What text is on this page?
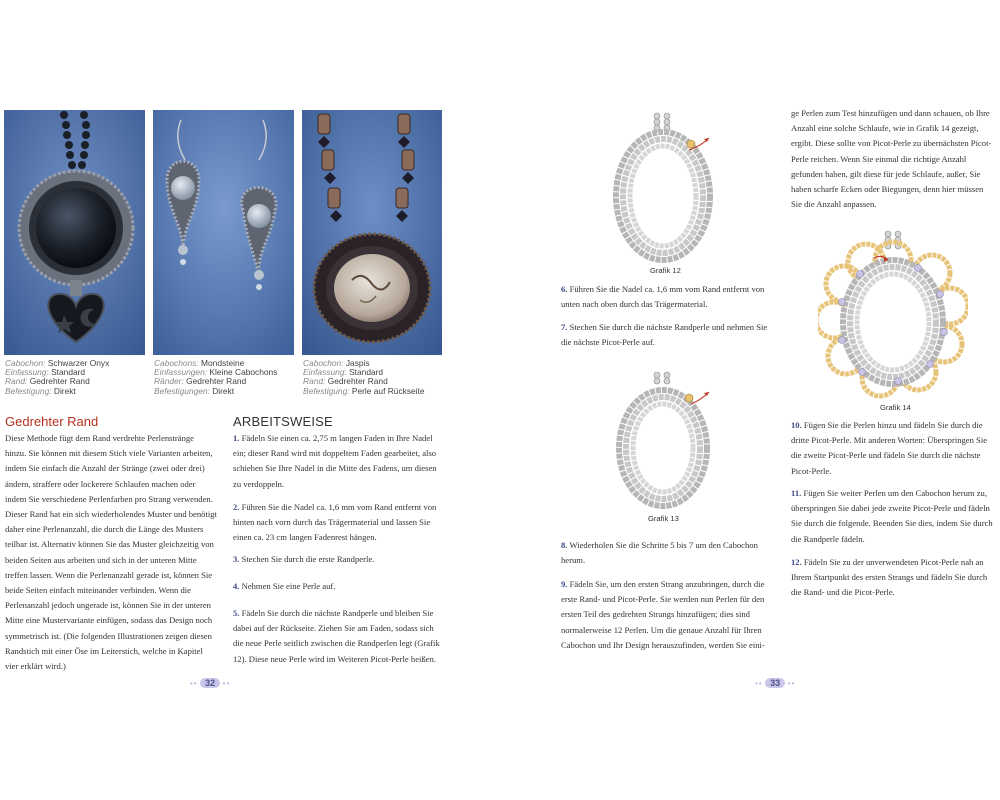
Cabochon: Schwarzer Onyx
Einfassung: Standard
Rand: Gedrehter Rand
Befestigung: Direkt
Cabochons: Mondsteine
Einfassungen: Kleine Cabochons
Ränder: Gedrehter Rand
Befestigungen: Direkt
Cabochon: Jaspis
Einfassung: Standard
Rand: Gedrehter Rand
Befestigung: Perle auf Rückseite
Gedrehter Rand
Diese Methode fügt dem Rand verdrehte Perlenstränge hinzu. Sie können mit diesem Stich viele Varianten arbeiten, indem Sie einfach die Anzahl der Stränge (zwei oder drei) ändern, straffere oder lockerere Schlaufen machen oder indem Sie verschiedene Perlenfarben pro Strang verwenden. Dieser Rand hat ein sich wiederholendes Muster und benötigt daher eine Perlenanzahl, die durch die Länge des Musters teilbar ist. Alternativ können Sie das Muster gleichzeitig von beiden Seiten aus arbeiten und sich in der unteren Mitte treffen lassen. Wenn die Perlenanzahl gerade ist, können Sie beide Seiten einfach miteinander verbinden. Wenn die Perlenanzahl jedoch ungerade ist, können Sie in der unteren Mitte eine Mustervariante einfügen, sodass das Design noch symmetrisch ist. (Die folgenden Illustrationen zeigen diesen Randstich mit einer Öse im Leiterstich, welche in Kapitel vier erklärt wird.)
ARBEITSWEISE
1. Fädeln Sie einen ca. 2,75 m langen Faden in Ihre Nadel ein; dieser Rand wird mit doppeltem Faden gearbeitet, also schieben Sie Ihre Nadel in die Mitte des Fadens, um diesen zu verdoppeln.
2. Führen Sie die Nadel ca. 1,6 mm vom Rand entfernt von hinten nach vorn durch das Trägermaterial und lassen Sie einen ca. 23 cm langen Fadenrest hängen.
3. Stechen Sie durch die erste Randperle.
4. Nehmen Sie eine Perle auf.
5. Fädeln Sie durch die nächste Randperle und bleiben Sie dabei auf der Rückseite. Ziehen Sie am Faden, sodass sich die neue Perle seitlich zwischen die Randperlen legt (Grafik 12). Diese neue Perle wird im Weiteren Picot-Perle heißen.
•• 32 ••
Grafik 12
6. Führen Sie die Nadel ca. 1,6 mm vom Rand entfernt von unten nach oben durch das Trägermaterial.
7. Stechen Sie durch die nächste Randperle und nehmen Sie die nächste Picot-Perle auf.
Grafik 13
8. Wiederholen Sie die Schritte 5 bis 7 um den Cabochon herum.
9. Fädeln Sie, um den ersten Strang anzubringen, durch die erste Rand- und Picot-Perle. Sie werden nun Perlen für den ersten Teil des gedrehten Strangs hinzufügen; dies sind normalerweise 12 Perlen. Um die genaue Anzahl für Ihren Cabochon und Ihr Design herauszufinden, werden Sie eini-
ge Perlen zum Test hinzufügen und dann schauen, ob Ihre Anzahl eine solche Schlaufe, wie in Grafik 14 gezeigt, ergibt. Diese sollte von Picot-Perle zu übernächsten Picot-Perle reichen. Wenn Sie einmal die richtige Anzahl gefunden haben, gilt diese für jede Schlaufe, außer, Sie haben scharfe Ecken oder Biegungen, denn hier müssen Sie die Anzahl anpassen.
Grafik 14
10. Fügen Sie die Perlen hinzu und fädeln Sie durch die dritte Picot-Perle. Mit anderen Worten: Überspringen Sie die zweite Picot-Perle und fädeln Sie durch die nächste Picot-Perle.
11. Fügen Sie weiter Perlen um den Cabochon herum zu, überspringen Sie dabei jede zweite Picot-Perle und fädeln Sie durch die folgende. Beenden Sie dies, indem Sie durch die Randperle fädeln.
12. Fädeln Sie zu der unverwendeten Picot-Perle nah an Ihrem Startpunkt des ersten Strangs und fädeln Sie durch die Rand- und die Picot-Perle.
•• 33 ••
